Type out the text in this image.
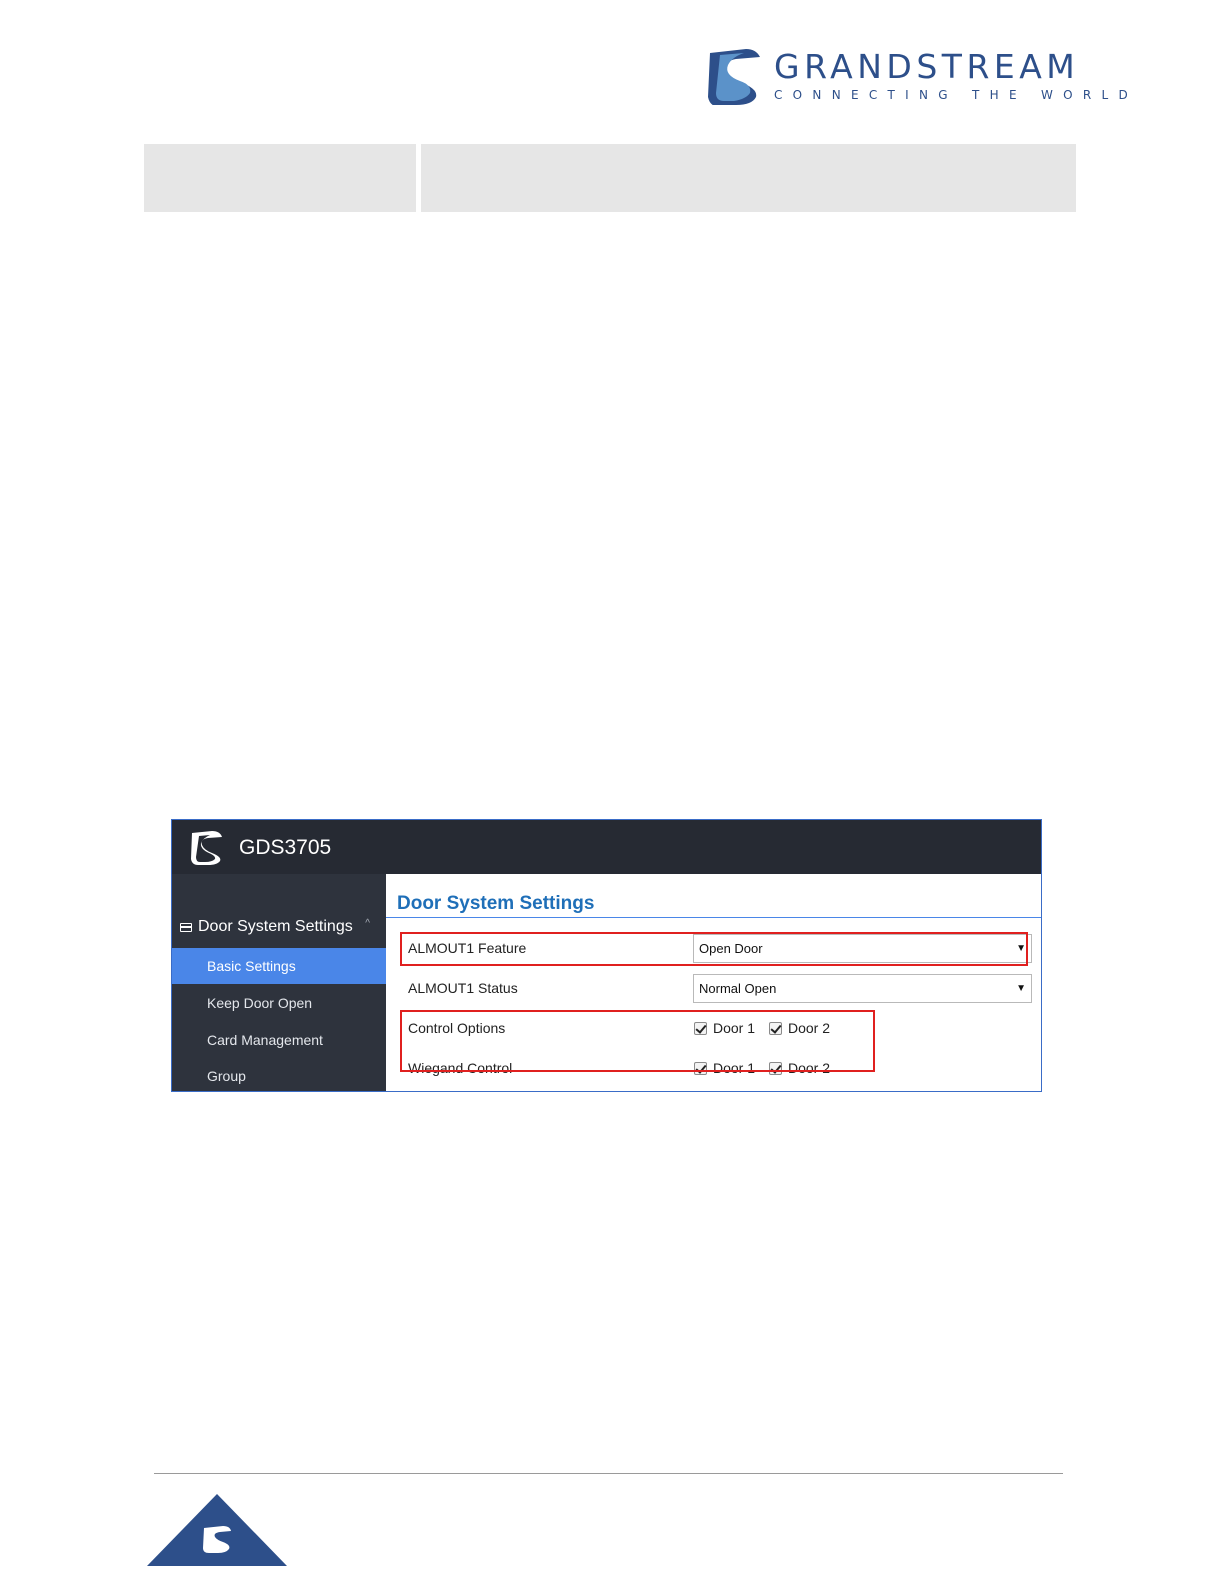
GRANDSTREAM
CONNECTING THE WORLD
GDS3705
Door System Settings ^
Basic Settings
Keep Door Open
Card Management
Group
Door System Settings
ALMOUT1 Feature	Open Door	▼
ALMOUT1 Status	Normal Open	▼
Control Options	Door 1 Door 2
Wiegand Control	Door 1 Door 2
